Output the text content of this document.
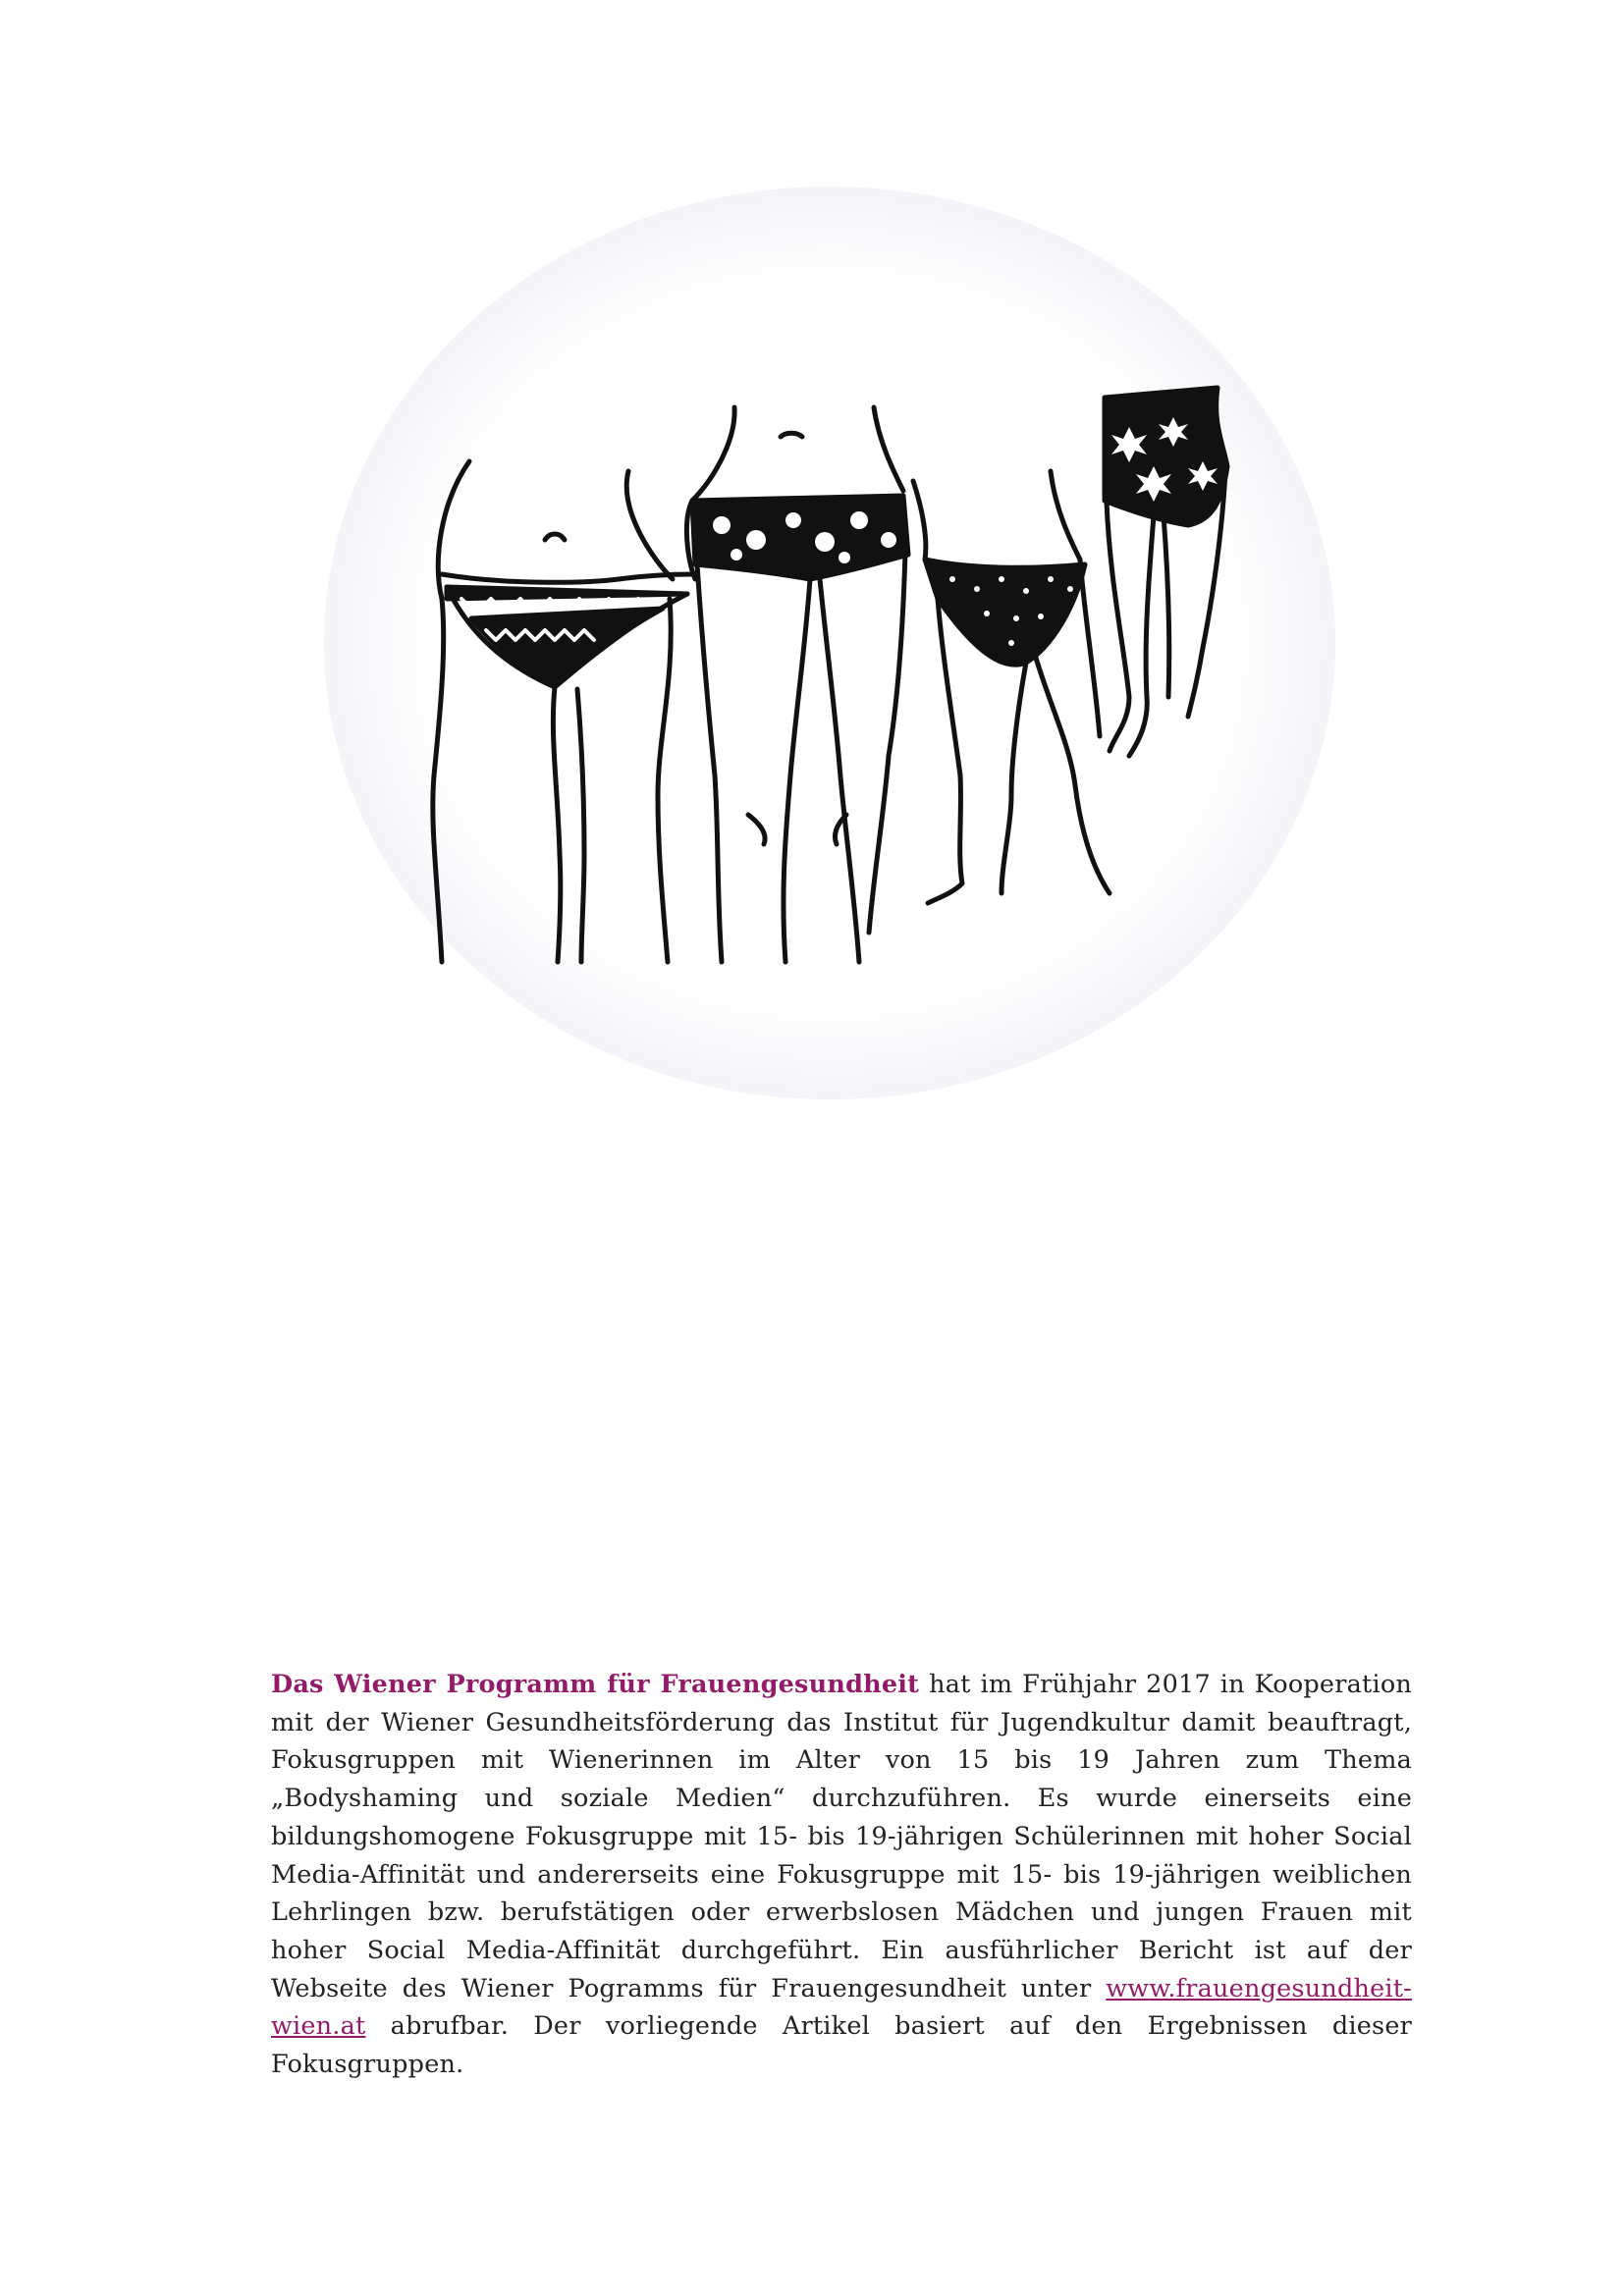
Das Wiener Programm für Frauengesundheit hat im Frühjahr 2017 in Kooperation mit der Wiener Gesundheitsförderung das Institut für Jugendkultur damit beauftragt, Fokusgruppen mit Wienerinnen im Alter von 15 bis 19 Jahren zum Thema „Bodyshaming und soziale Medien“ durchzuführen. Es wurde einerseits eine bildungshomogene Fokusgruppe mit 15- bis 19-jährigen Schülerinnen mit hoher Social Media-Affinität und andererseits eine Fokusgruppe mit 15- bis 19-jährigen weiblichen Lehrlingen bzw. berufstätigen oder erwerbslosen Mädchen und jungen Frauen mit hoher Social Media-Affinität durchgeführt. Ein ausführlicher Bericht ist auf der Webseite des Wiener Pogramms für Frauengesundheit unter www.frauengesundheit-wien.at abrufbar. Der vorliegende Artikel basiert auf den Ergebnissen dieser Fokusgruppen.
